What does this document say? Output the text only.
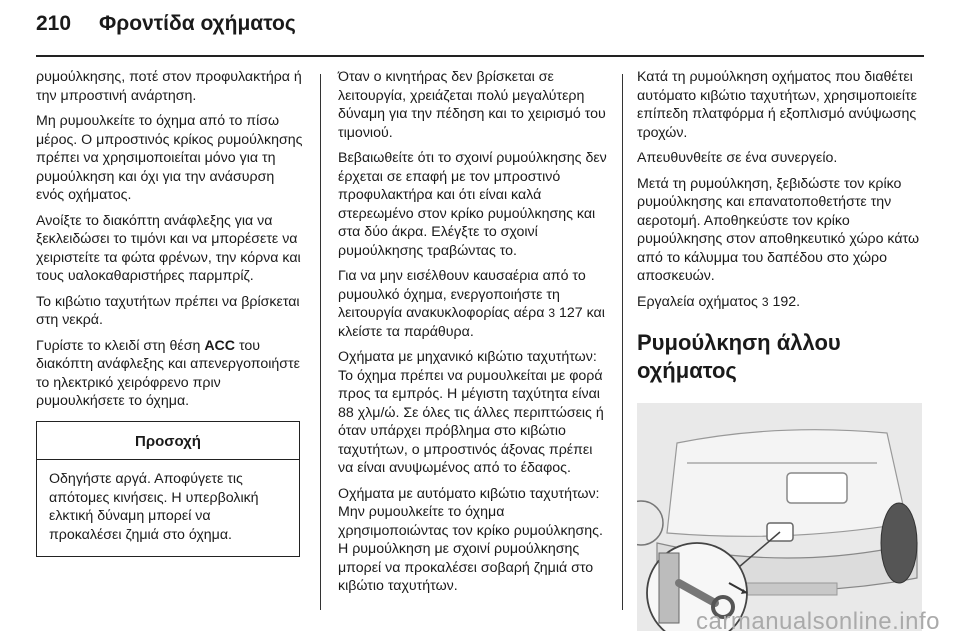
210 Φροντίδα οχήματος

ρυμούλκησης, ποτέ στον προφυλακτήρα ή την μπροστινή ανάρτηση.

Μη ρυμουλκείτε το όχημα από το πίσω μέρος. Ο μπροστινός κρίκος ρυμούλκησης πρέπει να χρησιμοποιείται μόνο για τη ρυμούλκηση και όχι για την ανάσυρση ενός οχήματος.

Ανοίξτε το διακόπτη ανάφλεξης για να ξεκλειδώσει το τιμόνι και να μπορέσετε να χειριστείτε τα φώτα φρένων, την κόρνα και τους υαλοκαθαριστήρες παρμπρίζ.

Το κιβώτιο ταχυτήτων πρέπει να βρίσκεται στη νεκρά.

Γυρίστε το κλειδί στη θέση ACC του διακόπτη ανάφλεξης και απενεργοποιήστε το ηλεκτρικό χειρόφρενο πριν ρυμουλκήσετε το όχημα.

Προσοχή
Οδηγήστε αργά. Αποφύγετε τις απότομες κινήσεις. Η υπερβολική ελκτική δύναμη μπορεί να προκαλέσει ζημιά στο όχημα.

Όταν ο κινητήρας δεν βρίσκεται σε λειτουργία, χρειάζεται πολύ μεγαλύτερη δύναμη για την πέδηση και το χειρισμό του τιμονιού.

Βεβαιωθείτε ότι το σχοινί ρυμούλκησης δεν έρχεται σε επαφή με τον μπροστινό προφυλακτήρα και ότι είναι καλά στερεωμένο στον κρίκο ρυμούλκησης και στα δύο άκρα. Ελέγξτε το σχοινί ρυμούλκησης τραβώντας το.

Για να μην εισέλθουν καυσαέρια από το ρυμουλκό όχημα, ενεργοποιήστε τη λειτουργία ανακυκλοφορίας αέρα 3 127 και κλείστε τα παράθυρα.

Οχήματα με μηχανικό κιβώτιο ταχυτήτων: Το όχημα πρέπει να ρυμουλκείται με φορά προς τα εμπρός. Η μέγιστη ταχύτητα είναι 88 χλμ/ώ. Σε όλες τις άλλες περιπτώσεις ή όταν υπάρχει πρόβλημα στο κιβώτιο ταχυτήτων, ο μπροστινός άξονας πρέπει να είναι ανυψωμένος από το έδαφος.

Οχήματα με αυτόματο κιβώτιο ταχυτήτων: Μην ρυμουλκείτε το όχημα χρησιμοποιώντας τον κρίκο ρυμούλκησης. Η ρυμούλκηση με σχοινί ρυμούλκησης μπορεί να προκαλέσει σοβαρή ζημιά στο κιβώτιο ταχυτήτων.

Κατά τη ρυμούλκηση οχήματος που διαθέτει αυτόματο κιβώτιο ταχυτήτων, χρησιμοποιείτε επίπεδη πλατφόρμα ή εξοπλισμό ανύψωσης τροχών.

Απευθυνθείτε σε ένα συνεργείο.

Μετά τη ρυμούλκηση, ξεβιδώστε τον κρίκο ρυμούλκησης και επανατοποθετήστε την αεροτομή. Αποθηκεύστε τον κρίκο ρυμούλκησης στον αποθηκευτικό χώρο κάτω από το κάλυμμα του δαπέδου στο χώρο αποσκευών.

Εργαλεία οχήματος 3 192.

Ρυμούλκηση άλλου οχήματος
carmanualsonline.info
